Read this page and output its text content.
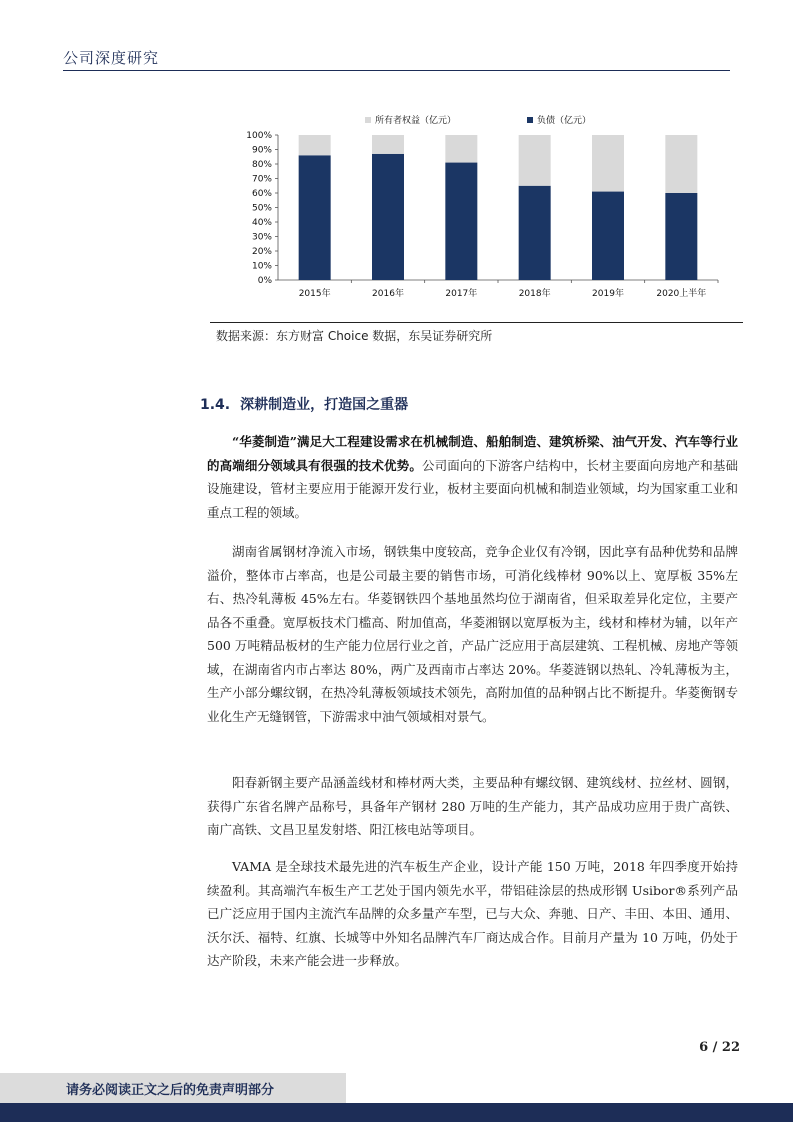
公司深度研究
所有者权益（亿元）	负债（亿元）
100%
90%
80%
70%
60%
50%
40%
30%
20%
10%
0%
2015年	2016年	2017年	2018年	2019年	2020上半年
数据来源：东方财富 Choice 数据，东吴证券研究所
1.4. 深耕制造业，打造国之重器
“华菱制造”满足大工程建设需求在机械制造、船舶制造、建筑桥梁、油气开发、汽车等行业的高端细分领域具有很强的技术优势。公司面向的下游客户结构中，长材主要面向房地产和基础设施建设，管材主要应用于能源开发行业，板材主要面向机械和制造业领域，均为国家重工业和重点工程的领域。
湖南省属钢材净流入市场，钢铁集中度较高，竞争企业仅有冷钢，因此享有品种优势和品牌溢价，整体市占率高，也是公司最主要的销售市场，可消化线棒材 90%以上、宽厚板 35%左右、热冷轧薄板 45%左右。华菱钢铁四个基地虽然均位于湖南省，但采取差异化定位，主要产品各不重叠。宽厚板技术门槛高、附加值高，华菱湘钢以宽厚板为主，线材和棒材为辅，以年产 500 万吨精品板材的生产能力位居行业之首，产品广泛应用于高层建筑、工程机械、房地产等领域，在湖南省内市占率达 80%，两广及西南市占率达 20%。华菱涟钢以热轧、冷轧薄板为主，生产小部分螺纹钢，在热冷轧薄板领域技术领先，高附加值的品种钢占比不断提升。华菱衡钢专业化生产无缝钢管，下游需求中油气领域相对景气。
阳春新钢主要产品涵盖线材和棒材两大类，主要品种有螺纹钢、建筑线材、拉丝材、圆钢，获得广东省名牌产品称号，具备年产钢材 280 万吨的生产能力，其产品成功应用于贵广高铁、南广高铁、文昌卫星发射塔、阳江核电站等项目。
VAMA 是全球技术最先进的汽车板生产企业，设计产能 150 万吨，2018 年四季度开始持续盈利。其高端汽车板生产工艺处于国内领先水平，带铝硅涂层的热成形钢 Usibor®系列产品已广泛应用于国内主流汽车品牌的众多量产车型，已与大众、奔驰、日产、丰田、本田、通用、沃尔沃、福特、红旗、长城等中外知名品牌汽车厂商达成合作。目前月产量为 10 万吨，仍处于达产阶段，未来产能会进一步释放。
6 / 22
请务必阅读正文之后的免责声明部分
